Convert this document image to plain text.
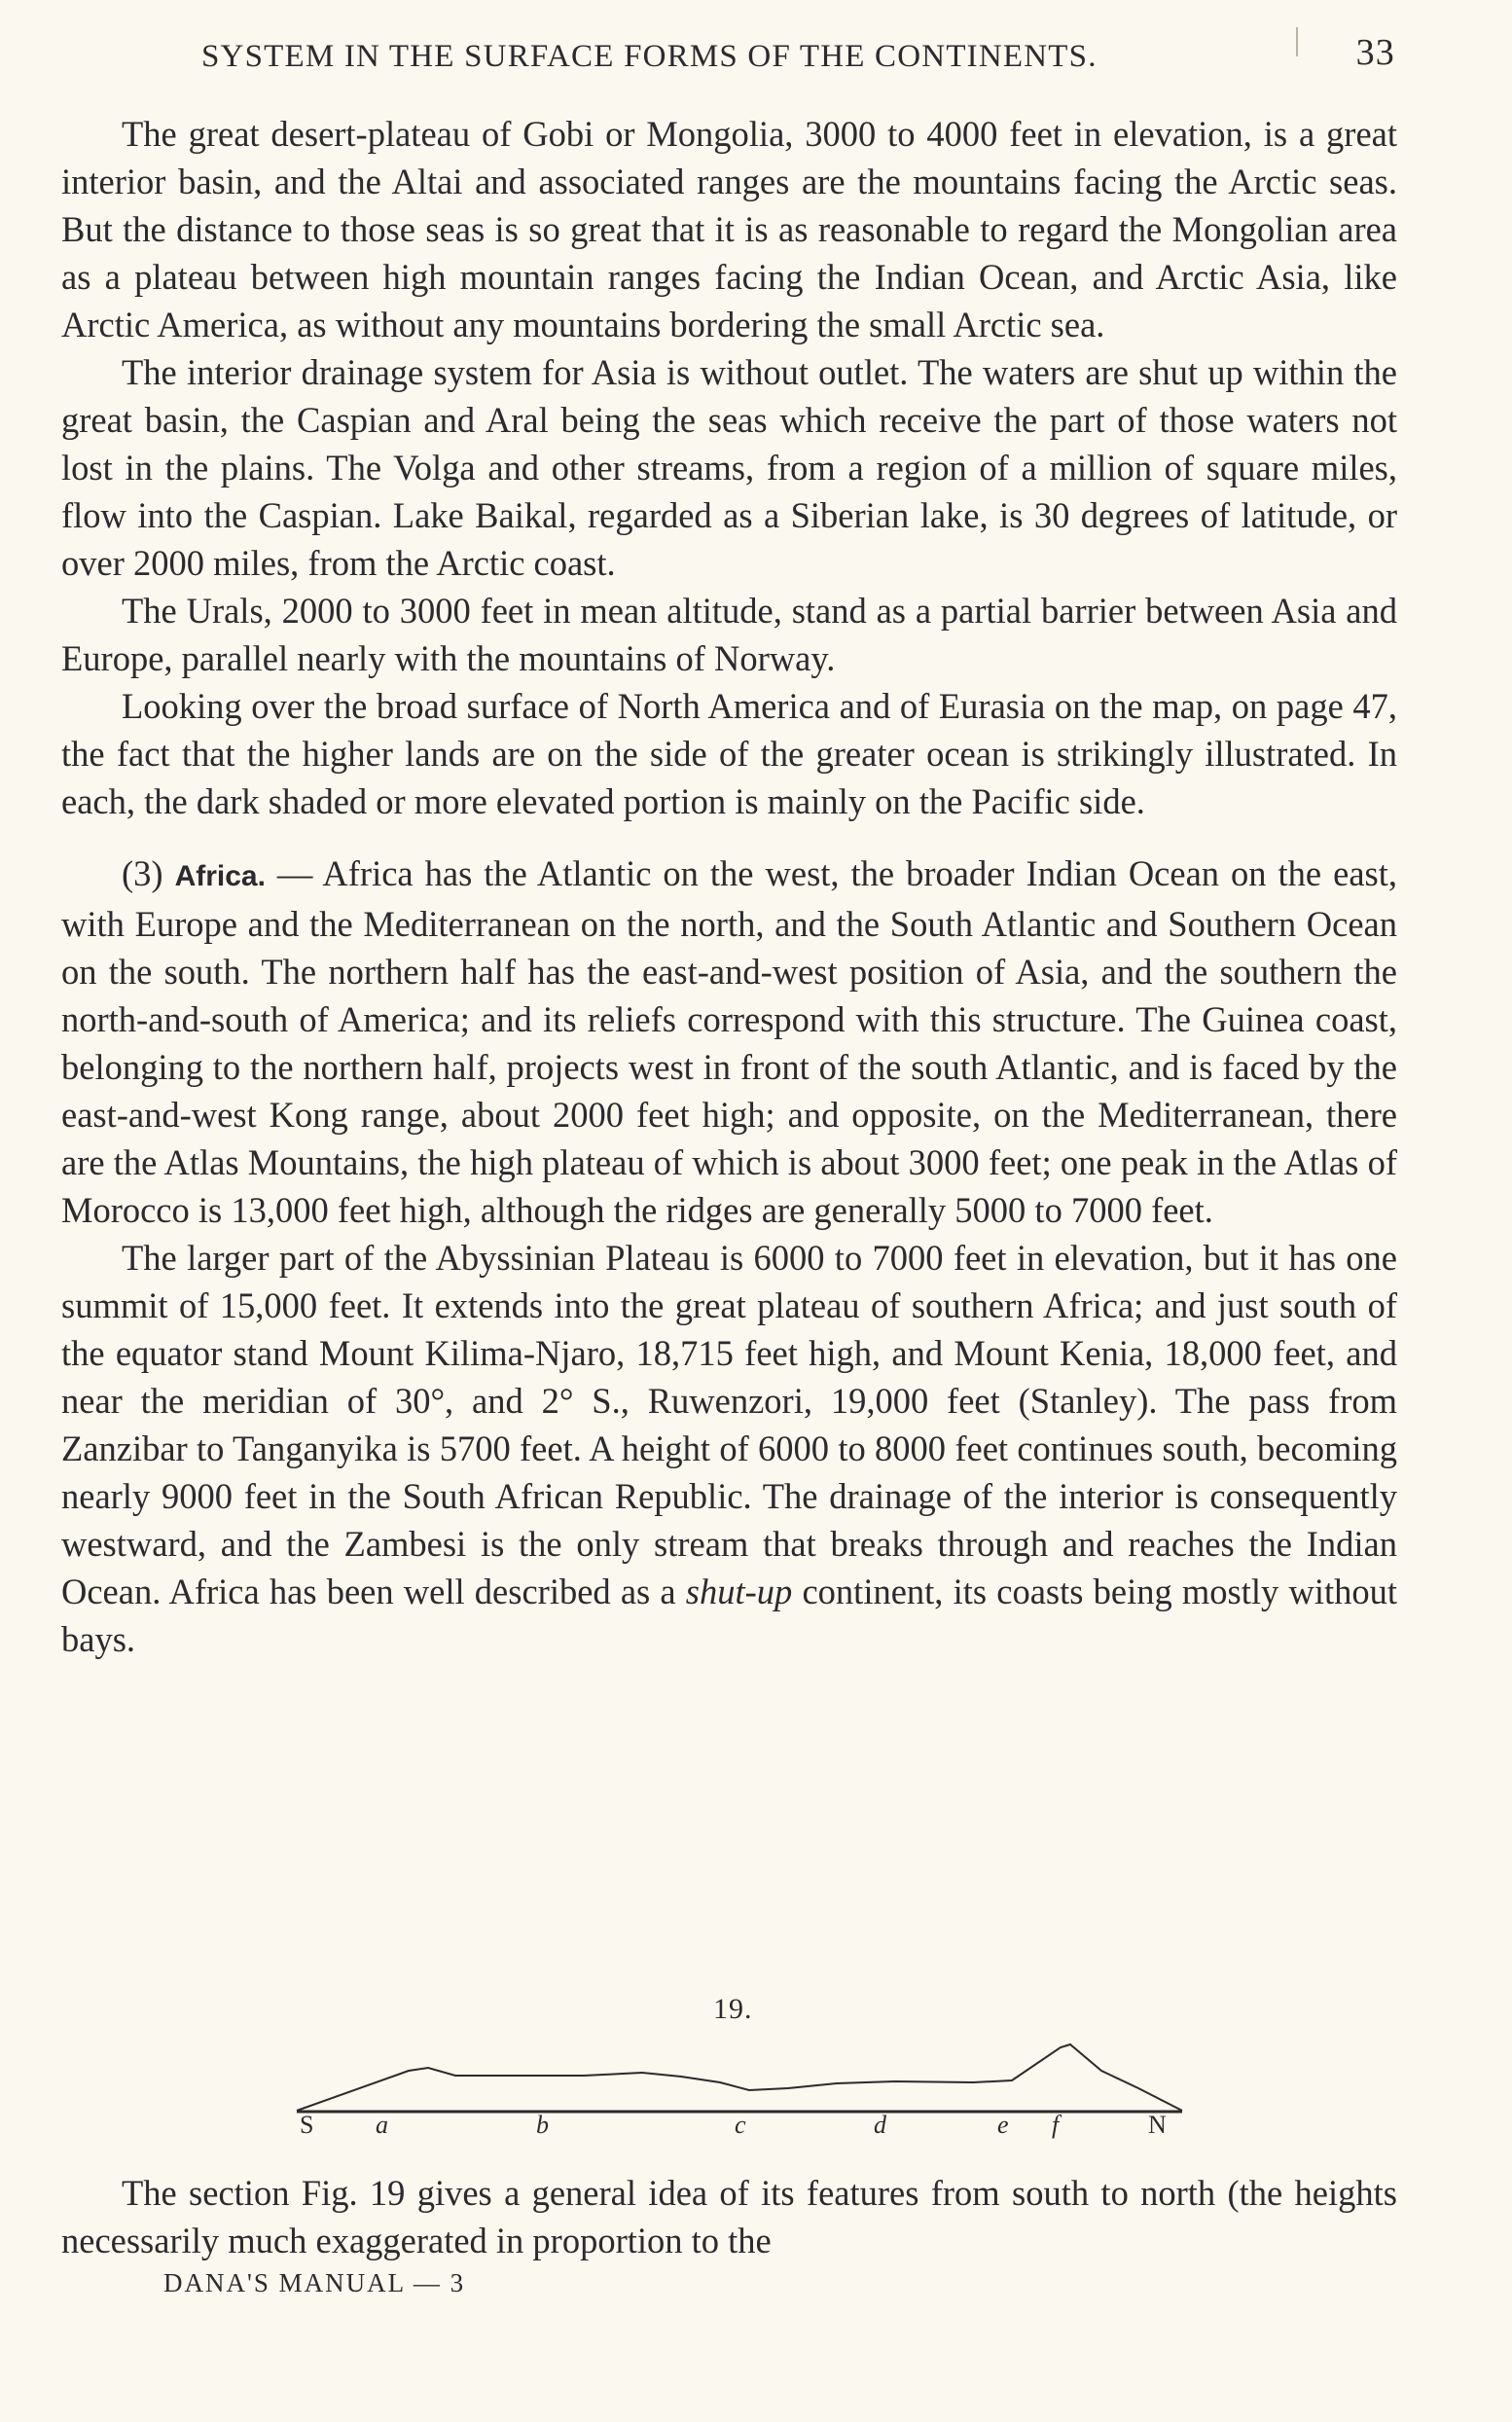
SYSTEM IN THE SURFACE FORMS OF THE CONTINENTS.	33

The great desert-plateau of Gobi or Mongolia, 3000 to 4000 feet in elevation, is a great interior basin, and the Altai and associated ranges are the mountains facing the Arctic seas. But the distance to those seas is so great that it is as reasonable to regard the Mongolian area as a plateau between high mountain ranges facing the Indian Ocean, and Arctic Asia, like Arctic America, as without any mountains bordering the small Arctic sea.

The interior drainage system for Asia is without outlet. The waters are shut up within the great basin, the Caspian and Aral being the seas which receive the part of those waters not lost in the plains. The Volga and other streams, from a region of a million of square miles, flow into the Caspian. Lake Baikal, regarded as a Siberian lake, is 30 degrees of latitude, or over 2000 miles, from the Arctic coast.

The Urals, 2000 to 3000 feet in mean altitude, stand as a partial barrier between Asia and Europe, parallel nearly with the mountains of Norway.

Looking over the broad surface of North America and of Eurasia on the map, on page 47, the fact that the higher lands are on the side of the greater ocean is strikingly illustrated. In each, the dark shaded or more elevated portion is mainly on the Pacific side.

(3) Africa. — Africa has the Atlantic on the west, the broader Indian Ocean on the east, with Europe and the Mediterranean on the north, and the South Atlantic and Southern Ocean on the south. The northern half has the east-and-west position of Asia, and the southern the north-and-south of America; and its reliefs correspond with this structure. The Guinea coast, belonging to the northern half, projects west in front of the south Atlantic, and is faced by the east-and-west Kong range, about 2000 feet high; and opposite, on the Mediterranean, there are the Atlas Mountains, the high plateau of which is about 3000 feet; one peak in the Atlas of Morocco is 13,000 feet high, although the ridges are generally 5000 to 7000 feet.

The larger part of the Abyssinian Plateau is 6000 to 7000 feet in elevation, but it has one summit of 15,000 feet. It extends into the great plateau of southern Africa; and just south of the equator stand Mount Kilima-Njaro, 18,715 feet high, and Mount Kenia, 18,000 feet, and near the meridian of 30°, and 2° S., Ruwenzori, 19,000 feet (Stanley). The pass from Zanzibar to Tanganyika is 5700 feet. A height of 6000 to 8000 feet continues south, becoming nearly 9000 feet in the South African Republic. The drainage of the interior is consequently westward, and the Zambesi is the only stream that breaks through and reaches the Indian Ocean. Africa has been well described as a shut-up continent, its coasts being mostly without bays.

19.
S a	b	c	d	e f	N

The section Fig. 19 gives a general idea of its features from south to north (the heights necessarily much exaggerated in proportion to the

DANA'S MANUAL — 3
